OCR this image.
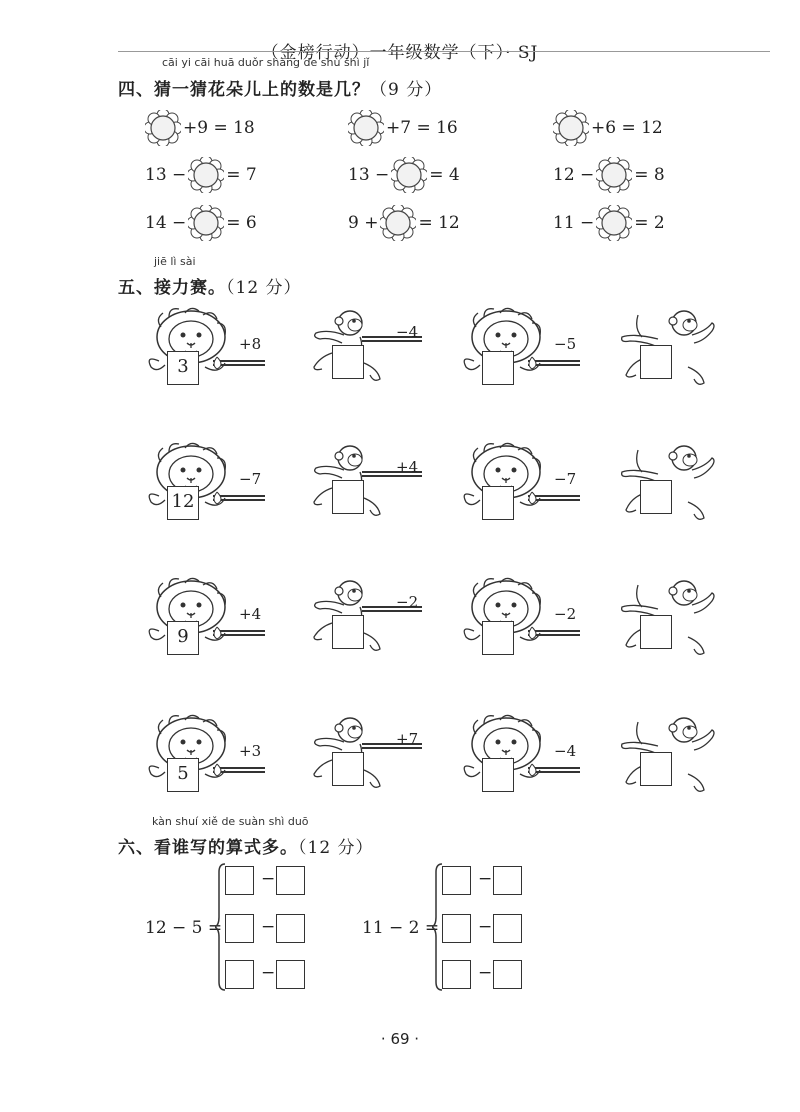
（金榜行动）一年级数学（下）· SJ
cāi yi cāi huā duǒr shàng de shù shì jǐ
四、猜一猜花朵儿上的数是几？（9 分）
+9 = 18	+7 = 16	+6 = 12
13 − = 7	13 − = 4	12 − = 8
14 − = 6	9 + = 12	11 − = 2
jiē lì sài
五、接力赛。（12 分）
3
+8
−4
−5
12
−7
+4
−7
9
+4
−2
−2
5
+3
+7
−4
kàn shuí xiě de suàn shì duō
六、看谁写的算式多。（12 分）
12 − 5 =
−
−
−
11 − 2 =
−
−
−
· 69 ·
